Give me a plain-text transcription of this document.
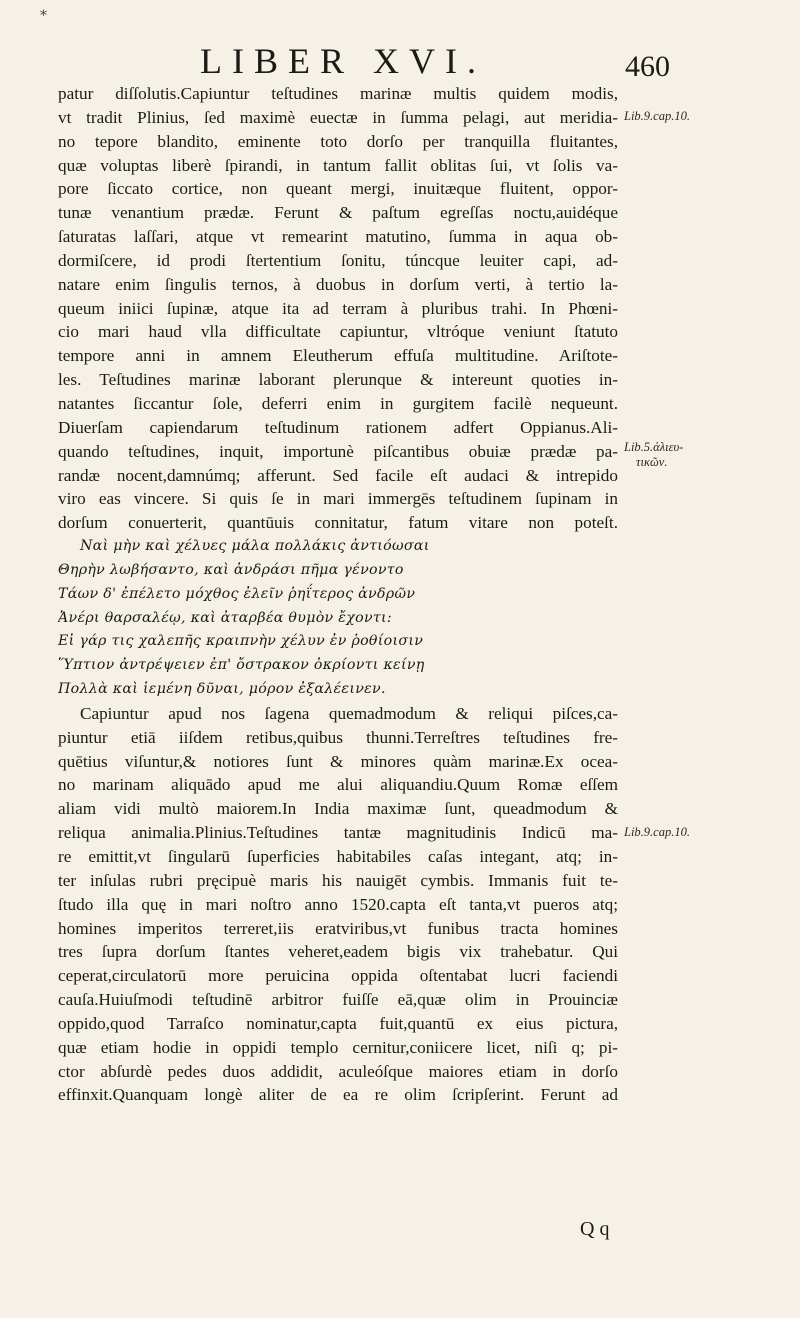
*
LIBER XVI.	460
patur diſſolutis.Capiuntur teſtudines marinæ multis quidem modis,
vt tradit Plinius, ſed maximè euectæ in ſumma pelagi, aut meridia-
no tepore blandito, eminente toto dorſo per tranquilla fluitantes,
quæ voluptas liberè ſpirandi, in tantum fallit oblitas ſui, vt ſolis va-
pore ſiccato cortice, non queant mergi, inuitæque fluitent, oppor-
tunæ venantium prædæ. Ferunt & paſtum egreſſas noctu,auidéque
ſaturatas laſſari, atque vt remearint matutino, ſumma in aqua ob-
dormiſcere, id prodi ſtertentium ſonitu, túncque leuiter capi, ad-
natare enim ſingulis ternos, à duobus in dorſum verti, à tertio la-
queum iniici ſupinæ, atque ita ad terram à pluribus trahi. In Phœni-
cio mari haud vlla difficultate capiuntur, vltróque veniunt ſtatuto
tempore anni in amnem Eleutherum effuſa multitudine. Ariſtote-
les. Teſtudines marinæ laborant plerunque & intereunt quoties in-
natantes ſiccantur ſole, deferri enim in gurgitem facilè nequeunt.
Diuerſam capiendarum teſtudinum rationem adfert Oppianus.Ali-
quando teſtudines, inquit, importunè piſcantibus obuiæ prædæ pa-
randæ nocent,damnúmq; afferunt. Sed facile eſt audaci & intrepido
viro eas vincere. Si quis ſe in mari immergēs teſtudinem ſupinam in
dorſum conuerterit, quantūuis connitatur, fatum vitare non poteſt.
Ναὶ μὴν καὶ χέλυες μάλα πολλάκις ἀντιόωσαι
Θηρὴν λωβήσαντο, καὶ ἀνδράσι πῆμα γένοντο
Τάων δ' ἐπέλετο μόχθος ἐλεῖν ῥηΐτερος ἀνδρῶν
Ἀνέρι θαρσαλέῳ, καὶ ἀταρβέα θυμὸν ἔχοντι:
Εἰ γάρ τις χαλεπῆς κραιπνὴν χέλυν ἐν ῥοθίοισιν
Ὕπτιον ἀντρέψειεν ἐπ' ὄστρακον ὀκρίοντι κείνῃ
Πολλὰ καὶ ἱεμένη δῦναι, μόρον ἐξαλέεινεν.
Capiuntur apud nos ſagena quemadmodum & reliqui piſces,ca-
piuntur etiā iiſdem retibus,quibus thunni.Terreſtres teſtudines fre-
quētius viſuntur,& notiores ſunt & minores quàm marinæ.Ex ocea-
no marinam aliquādo apud me alui aliquandiu.Quum Romæ eſſem
aliam vidi multò maiorem.In India maximæ ſunt, queadmodum &
reliqua animalia.Plinius.Teſtudines tantæ magnitudinis Indicū ma-
re emittit,vt ſingularū ſuperficies habitabiles caſas integant, atq; in-
ter inſulas rubri pręcipuè maris his nauigēt cymbis. Immanis fuit te-
ſtudo illa quę in mari noſtro anno 1520.capta eſt tanta,vt pueros atq;
homines imperitos terreret,iis eratviribus,vt funibus tracta homines
tres ſupra dorſum ſtantes veheret,eadem bigis vix trahebatur. Qui
ceperat,circulatorū more peruicina oppida oſtentabat lucri faciendi
cauſa.Huiuſmodi teſtudinē arbitror fuiſſe eā,quæ olim in Prouinciæ
oppido,quod Tarraſco nominatur,capta fuit,quantū ex eius pictura,
quæ etiam hodie in oppidi templo cernitur,coniicere licet, niſi q; pi-
ctor abſurdè pedes duos addidit, aculeóſque maiores etiam in dorſo
effinxit.Quanquam longè aliter de ea re olim ſcripſerint. Ferunt ad
Lib.9.cap.10.
Lib.5.ἁλιευ-
τικῶν.
Lib.9.cap.10.
Q q
